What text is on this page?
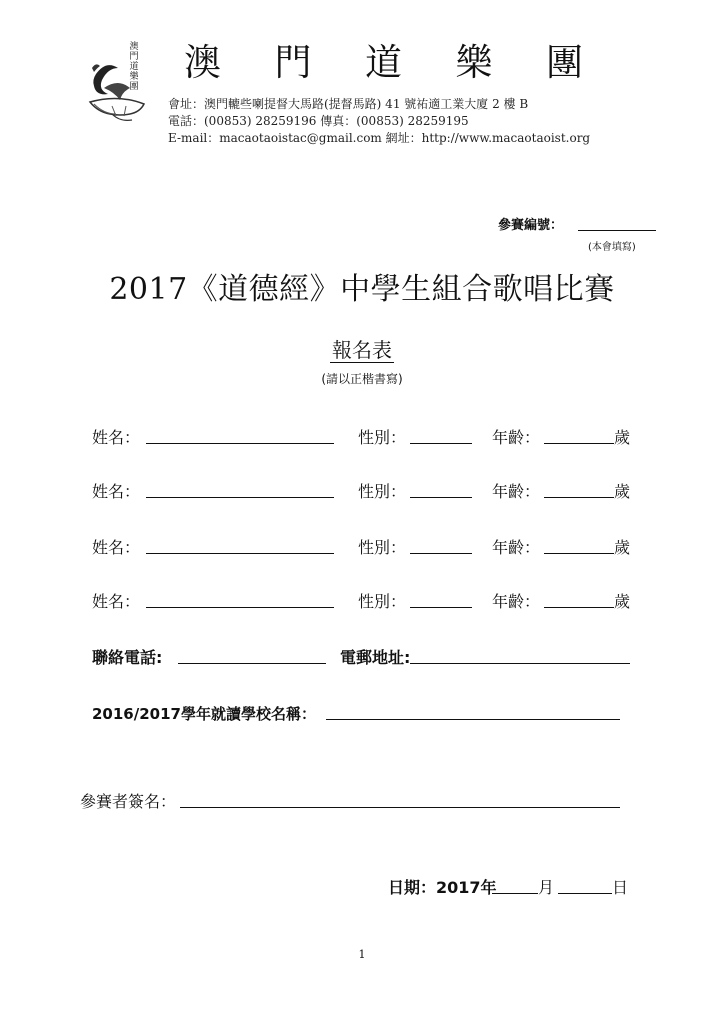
澳門道樂團
澳 門 道 樂 團
會址：澳門轆些喇提督大馬路(提督馬路) 41 號祐適工業大廈 2 樓 B
電話：(00853) 28259196 傳真：(00853) 28259195
E-mail：macaotaoistac@gmail.com 網址：http://www.macaotaoist.org
參賽編號：
(本會填寫)
2017《道德經》中學生組合歌唱比賽
報名表
(請以正楷書寫)
姓名：	性別：	年齡：	歲
姓名：	性別：	年齡：	歲
姓名：	性別：	年齡：	歲
姓名：	性別：	年齡：	歲
聯絡電話:	電郵地址:
2016/2017學年就讀學校名稱：
參賽者簽名：
日期：2017年	月	日
1
